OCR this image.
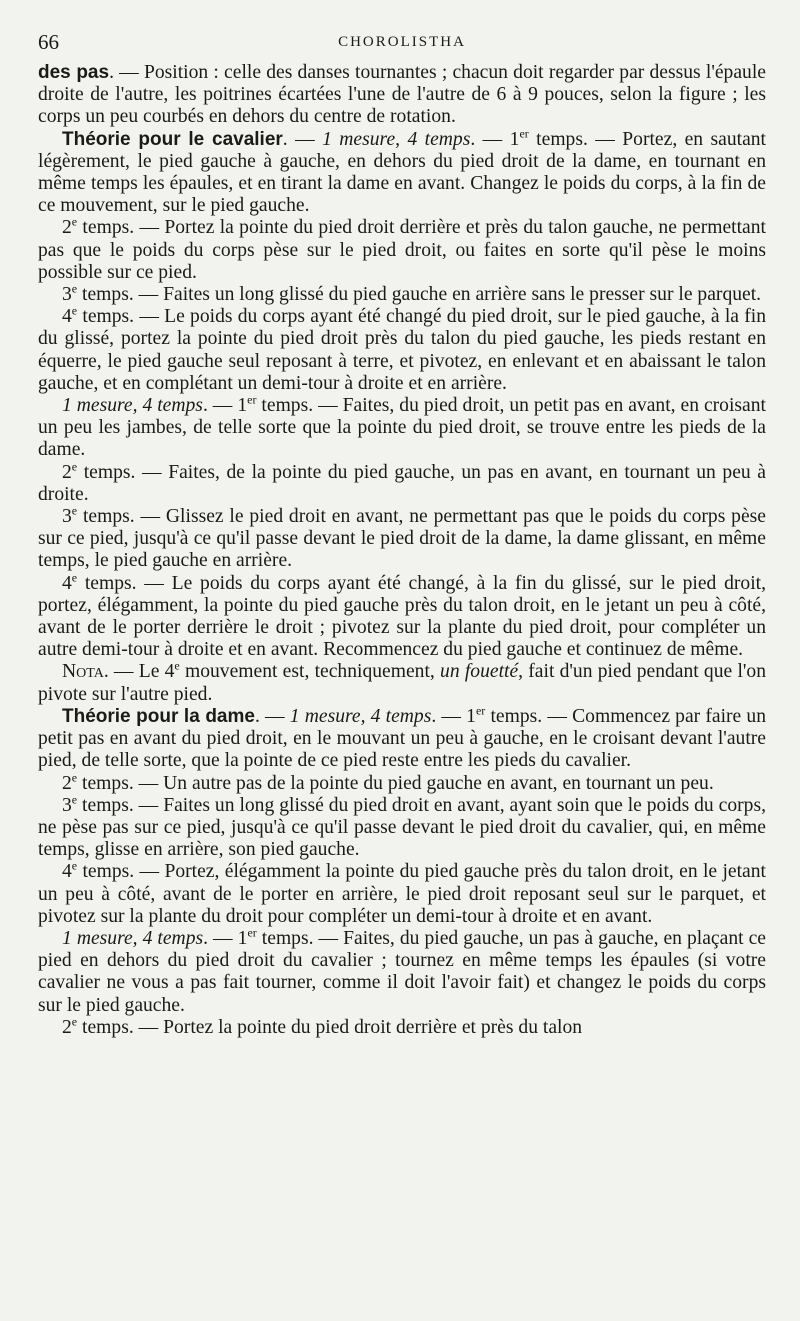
66	CHOROLISTHA

des pas. — Position : celle des danses tournantes ; chacun doit regarder par dessus l'épaule droite de l'autre, les poitrines écartées l'une de l'autre de 6 à 9 pouces, selon la figure ; les corps un peu courbés en dehors du centre de rotation.

Théorie pour le cavalier. — 1 mesure, 4 temps. — 1er temps. — Portez, en sautant légèrement, le pied gauche à gauche, en dehors du pied droit de la dame, en tournant en même temps les épaules, et en tirant la dame en avant. Changez le poids du corps, à la fin de ce mouvement, sur le pied gauche.

2e temps. — Portez la pointe du pied droit derrière et près du talon gauche, ne permettant pas que le poids du corps pèse sur le pied droit, ou faites en sorte qu'il pèse le moins possible sur ce pied.

3e temps. — Faites un long glissé du pied gauche en arrière sans le presser sur le parquet.

4e temps. — Le poids du corps ayant été changé du pied droit, sur le pied gauche, à la fin du glissé, portez la pointe du pied droit près du talon du pied gauche, les pieds restant en équerre, le pied gauche seul reposant à terre, et pivotez, en enlevant et en abaissant le talon gauche, et en complétant un demi-tour à droite et en arrière.

1 mesure, 4 temps. — 1er temps. — Faites, du pied droit, un petit pas en avant, en croisant un peu les jambes, de telle sorte que la pointe du pied droit, se trouve entre les pieds de la dame.

2e temps. — Faites, de la pointe du pied gauche, un pas en avant, en tournant un peu à droite.

3e temps. — Glissez le pied droit en avant, ne permettant pas que le poids du corps pèse sur ce pied, jusqu'à ce qu'il passe devant le pied droit de la dame, la dame glissant, en même temps, le pied gauche en arrière.

4e temps. — Le poids du corps ayant été changé, à la fin du glissé, sur le pied droit, portez, élégamment, la pointe du pied gauche près du talon droit, en le jetant un peu à côté, avant de le porter derrière le droit ; pivotez sur la plante du pied droit, pour compléter un autre demi-tour à droite et en avant. Recommencez du pied gauche et continuez de même.

Nota. — Le 4e mouvement est, techniquement, un fouetté, fait d'un pied pendant que l'on pivote sur l'autre pied.

Théorie pour la dame. — 1 mesure, 4 temps. — 1er temps. — Commencez par faire un petit pas en avant du pied droit, en le mouvant un peu à gauche, en le croisant devant l'autre pied, de telle sorte, que la pointe de ce pied reste entre les pieds du cavalier.

2e temps. — Un autre pas de la pointe du pied gauche en avant, en tournant un peu.

3e temps. — Faites un long glissé du pied droit en avant, ayant soin que le poids du corps, ne pèse pas sur ce pied, jusqu'à ce qu'il passe devant le pied droit du cavalier, qui, en même temps, glisse en arrière, son pied gauche.

4e temps. — Portez, élégamment la pointe du pied gauche près du talon droit, en le jetant un peu à côté, avant de le porter en arrière, le pied droit reposant seul sur le parquet, et pivotez sur la plante du droit pour compléter un demi-tour à droite et en avant.

1 mesure, 4 temps. — 1er temps. — Faites, du pied gauche, un pas à gauche, en plaçant ce pied en dehors du pied droit du cavalier ; tournez en même temps les épaules (si votre cavalier ne vous a pas fait tourner, comme il doit l'avoir fait) et changez le poids du corps sur le pied gauche.

2e temps. — Portez la pointe du pied droit derrière et près du talon
